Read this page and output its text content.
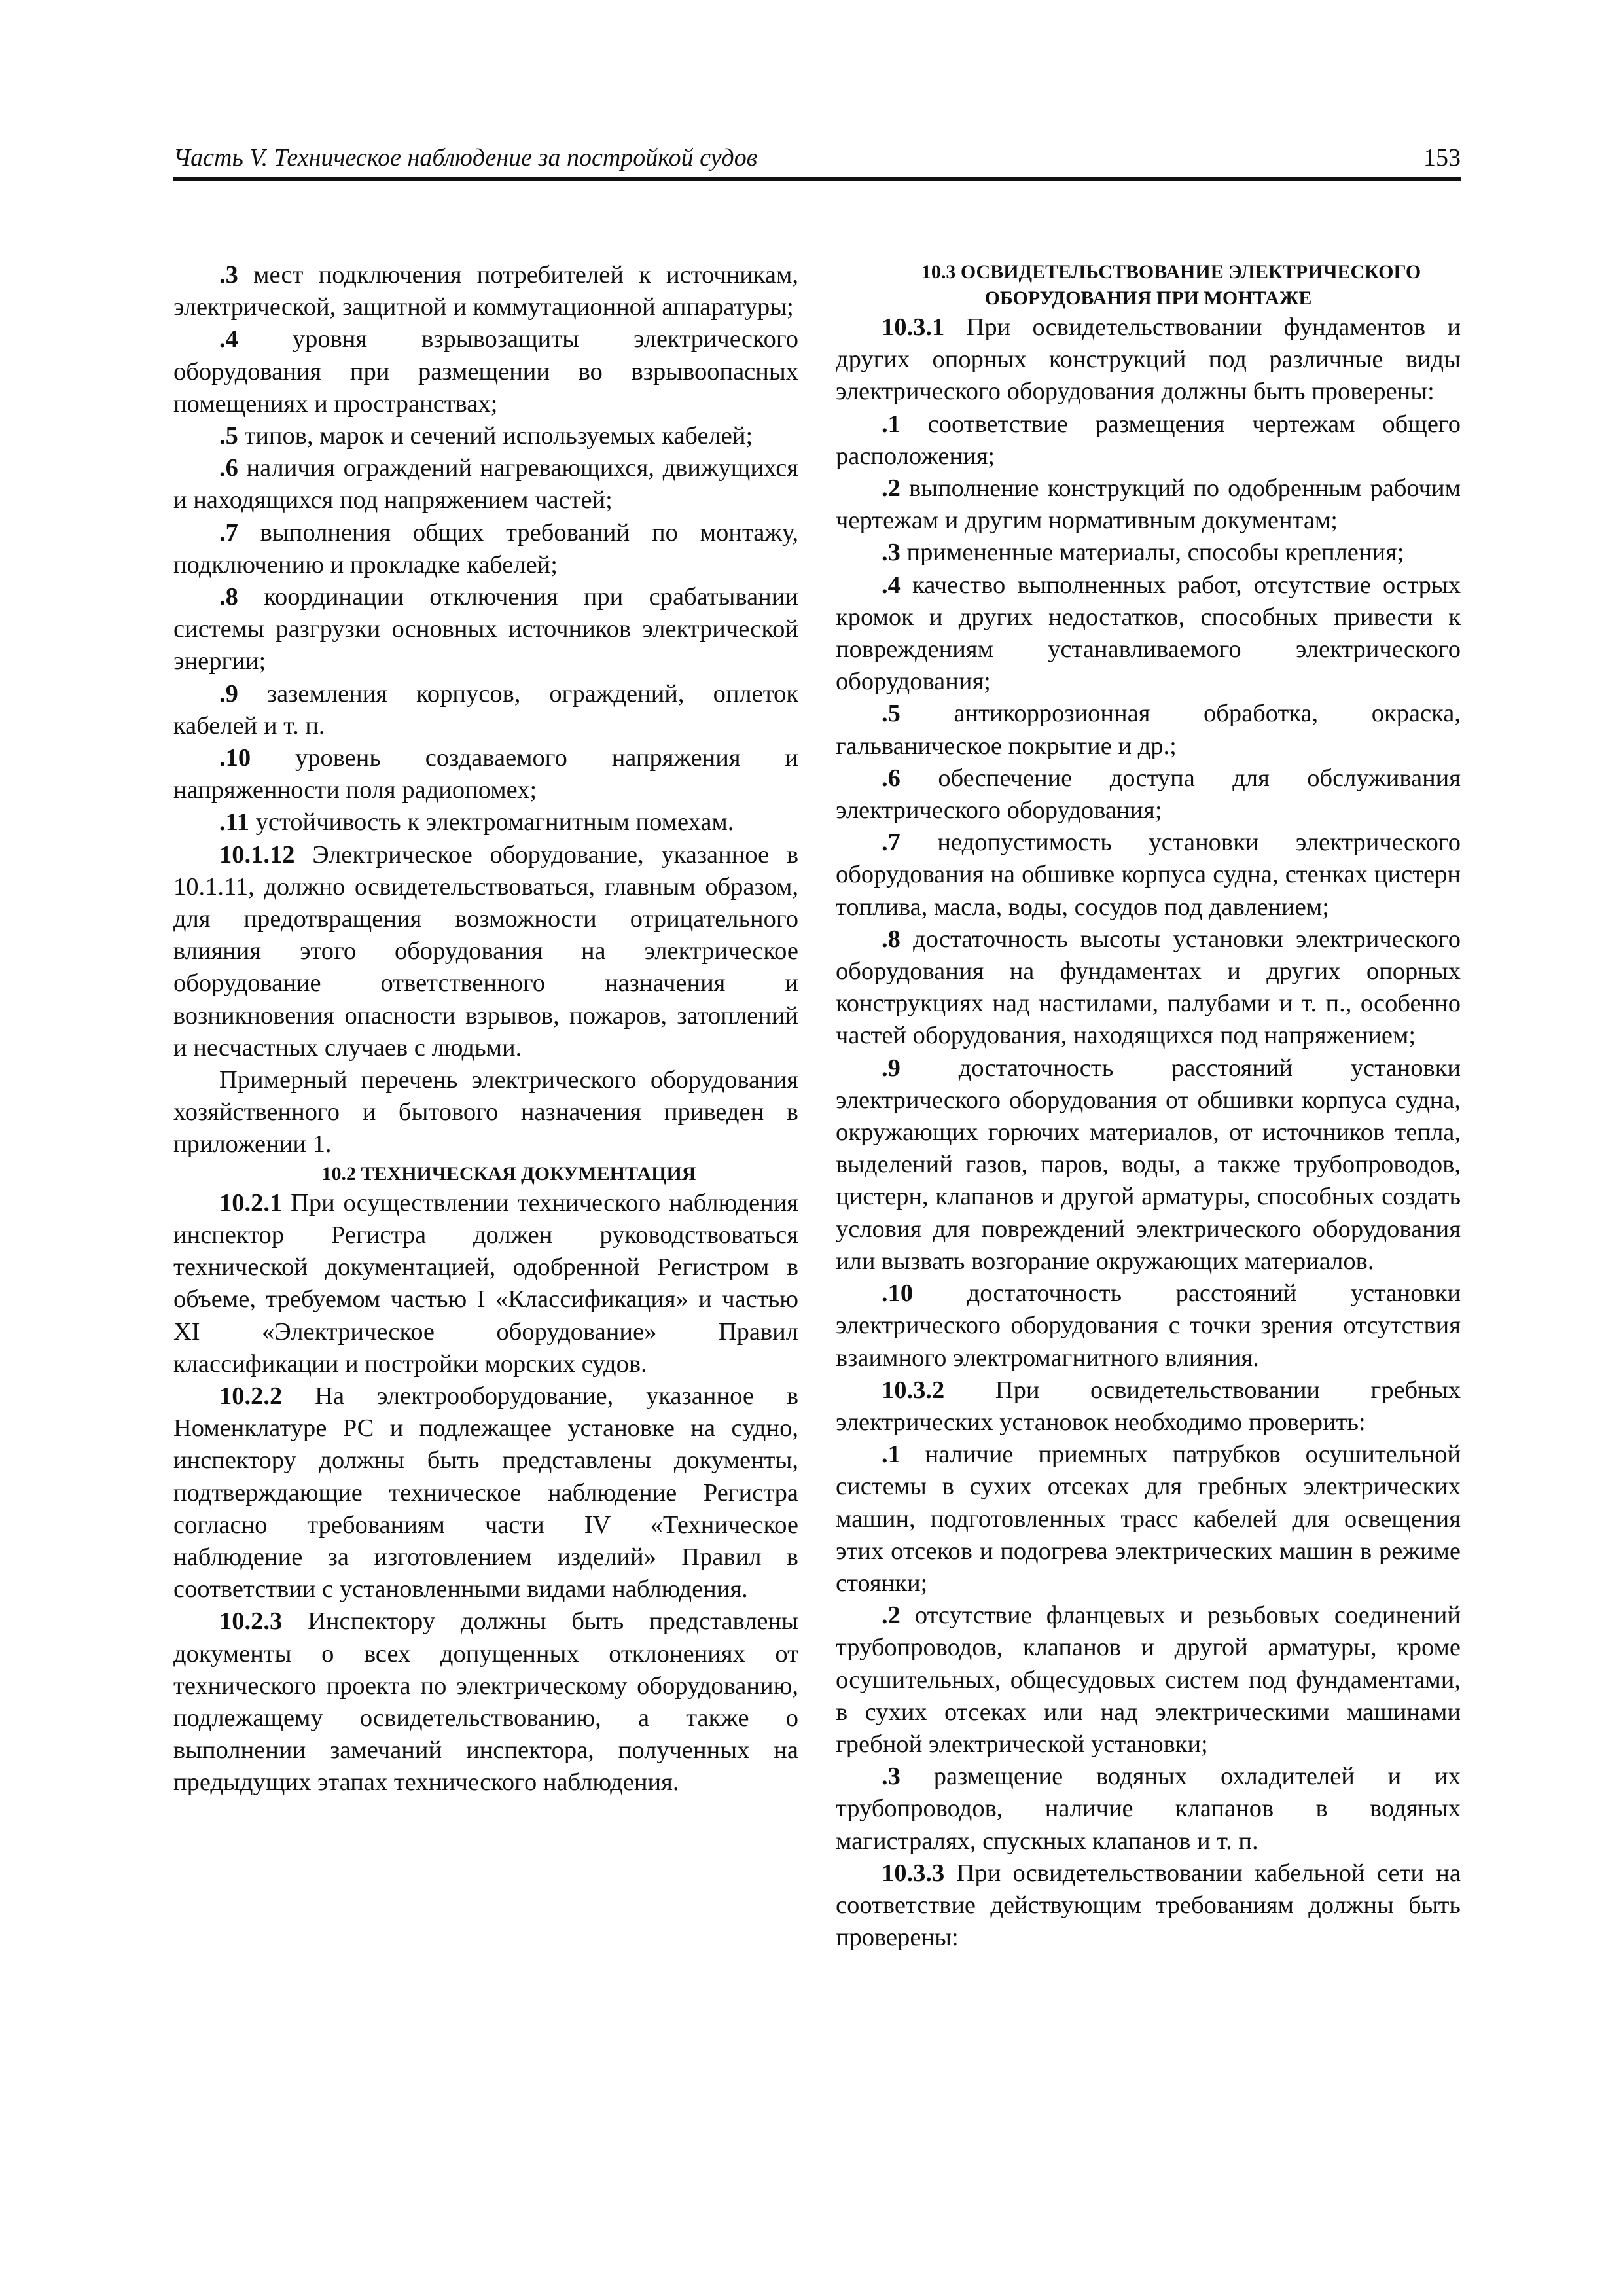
Часть V. Техническое наблюдение за постройкой судов	153

.3 мест подключения потребителей к источникам, электрической, защитной и коммутационной аппаратуры;

.4 уровня взрывозащиты электрического оборудования при размещении во взрывоопасных помещениях и пространствах;

.5 типов, марок и сечений используемых кабелей;

.6 наличия ограждений нагревающихся, движущихся и находящихся под напряжением частей;

.7 выполнения общих требований по монтажу, подключению и прокладке кабелей;

.8 координации отключения при срабатывании системы разгрузки основных источников электрической энергии;

.9 заземления корпусов, ограждений, оплеток кабелей и т. п.

.10 уровень создаваемого напряжения и напряженности поля радиопомех;

.11 устойчивость к электромагнитным помехам.

10.1.12 Электрическое оборудование, указанное в 10.1.11, должно освидетельствоваться, главным образом, для предотвращения возможности отрицательного влияния этого оборудования на электрическое оборудование ответственного назначения и возникновения опасности взрывов, пожаров, затоплений и несчастных случаев с людьми.

Примерный перечень электрического оборудования хозяйственного и бытового назначения приведен в приложении 1.

10.2 ТЕХНИЧЕСКАЯ ДОКУМЕНТАЦИЯ

10.2.1 При осуществлении технического наблюдения инспектор Регистра должен руководствоваться технической документацией, одобренной Регистром в объеме, требуемом частью I «Классификация» и частью XI «Электрическое оборудование» Правил классификации и постройки морских судов.

10.2.2 На электрооборудование, указанное в Номенклатуре РС и подлежащее установке на судно, инспектору должны быть представлены документы, подтверждающие техническое наблюдение Регистра согласно требованиям части IV «Техническое наблюдение за изготовлением изделий» Правил в соответствии с установленными видами наблюдения.

10.2.3 Инспектору должны быть представлены документы о всех допущенных отклонениях от технического проекта по электрическому оборудованию, подлежащему освидетельствованию, а также о выполнении замечаний инспектора, полученных на предыдущих этапах технического наблюдения.

10.3 ОСВИДЕТЕЛЬСТВОВАНИЕ ЭЛЕКТРИЧЕСКОГО
ОБОРУДОВАНИЯ ПРИ МОНТАЖЕ

10.3.1 При освидетельствовании фундаментов и других опорных конструкций под различные виды электрического оборудования должны быть проверены:

.1 соответствие размещения чертежам общего расположения;

.2 выполнение конструкций по одобренным рабочим чертежам и другим нормативным документам;

.3 примененные материалы, способы крепления;

.4 качество выполненных работ, отсутствие острых кромок и других недостатков, способных привести к повреждениям устанавливаемого электрического оборудования;

.5 антикоррозионная обработка, окраска, гальваническое покрытие и др.;

.6 обеспечение доступа для обслуживания электрического оборудования;

.7 недопустимость установки электрического оборудования на обшивке корпуса судна, стенках цистерн топлива, масла, воды, сосудов под давлением;

.8 достаточность высоты установки электрического оборудования на фундаментах и других опорных конструкциях над настилами, палубами и т. п., особенно частей оборудования, находящихся под напряжением;

.9 достаточность расстояний установки электрического оборудования от обшивки корпуса судна, окружающих горючих материалов, от источников тепла, выделений газов, паров, воды, а также трубопроводов, цистерн, клапанов и другой арматуры, способных создать условия для повреждений электрического оборудования или вызвать возгорание окружающих материалов.

.10 достаточность расстояний установки электрического оборудования с точки зрения отсутствия взаимного электромагнитного влияния.

10.3.2 При освидетельствовании гребных электрических установок необходимо проверить:

.1 наличие приемных патрубков осушительной системы в сухих отсеках для гребных электрических машин, подготовленных трасс кабелей для освещения этих отсеков и подогрева электрических машин в режиме стоянки;

.2 отсутствие фланцевых и резьбовых соединений трубопроводов, клапанов и другой арматуры, кроме осушительных, общесудовых систем под фундаментами, в сухих отсеках или над электрическими машинами гребной электрической установки;

.3 размещение водяных охладителей и их трубопроводов, наличие клапанов в водяных магистралях, спускных клапанов и т. п.

10.3.3 При освидетельствовании кабельной сети на соответствие действующим требованиям должны быть проверены:
